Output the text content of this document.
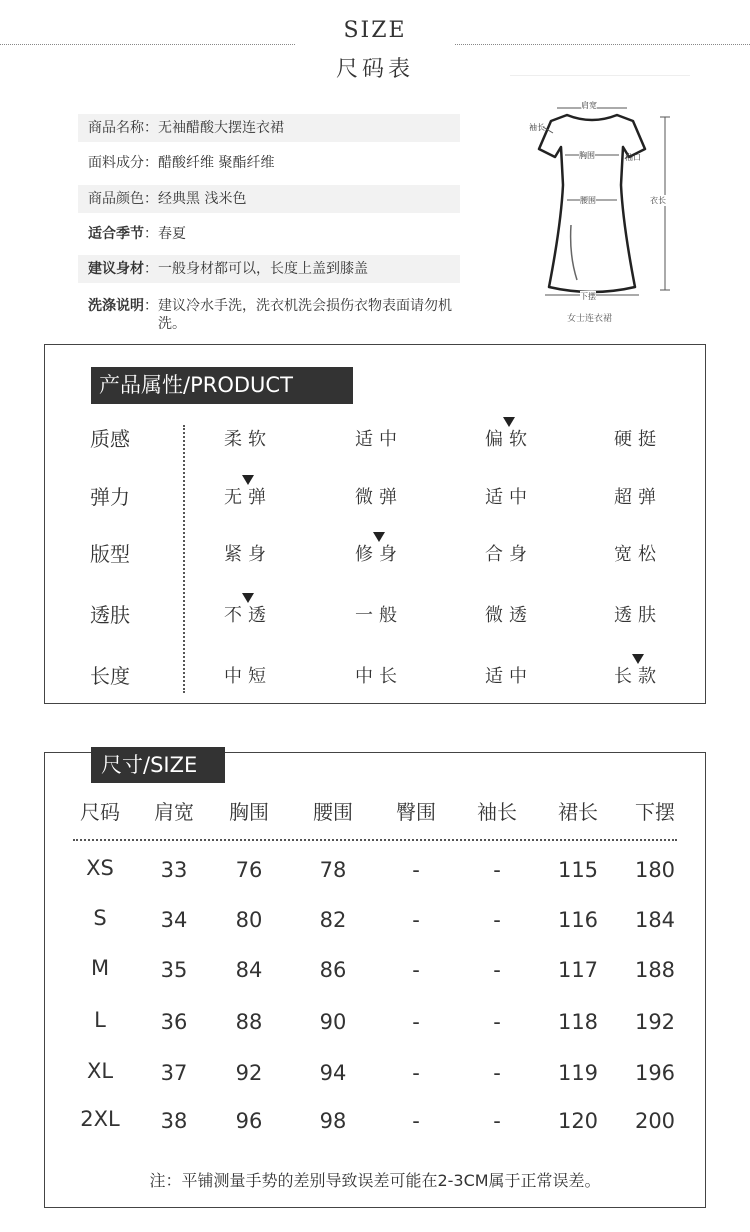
SIZE
尺码表
商品名称：无袖醋酸大摆连衣裙
面料成分：醋酸纤维 聚酯纤维
商品颜色：经典黑 浅米色
适合季节：春夏
建议身材：一般身材都可以，长度上盖到膝盖
洗涤说明 ： 建议冷水手洗，洗衣机洗会损伤衣物表面请勿机洗。
肩宽
袖长
胸围	袖口
腰围	衣长
下摆
女士连衣裙
产品属性/PRODUCT
质感	柔软	适中	偏软	硬挺
弹力	无弹	微弹	适中	超弹
版型	紧身	修身	合身	宽松
透肤	不透	一般	微透	透肤
长度	中短	中长	适中	长款
尺寸/SIZE
尺码	肩宽	胸围	腰围	臀围	袖长	裙长	下摆
XS	33	76	78	-	-	115	180
S	34	80	82	-	-	116	184
M	35	84	86	-	-	117	188
L	36	88	90	-	-	118	192
XL	37	92	94	-	-	119	196
2XL	38	96	98	-	-	120	200
注：平铺测量手势的差别导致误差可能在2-3CM属于正常误差。
